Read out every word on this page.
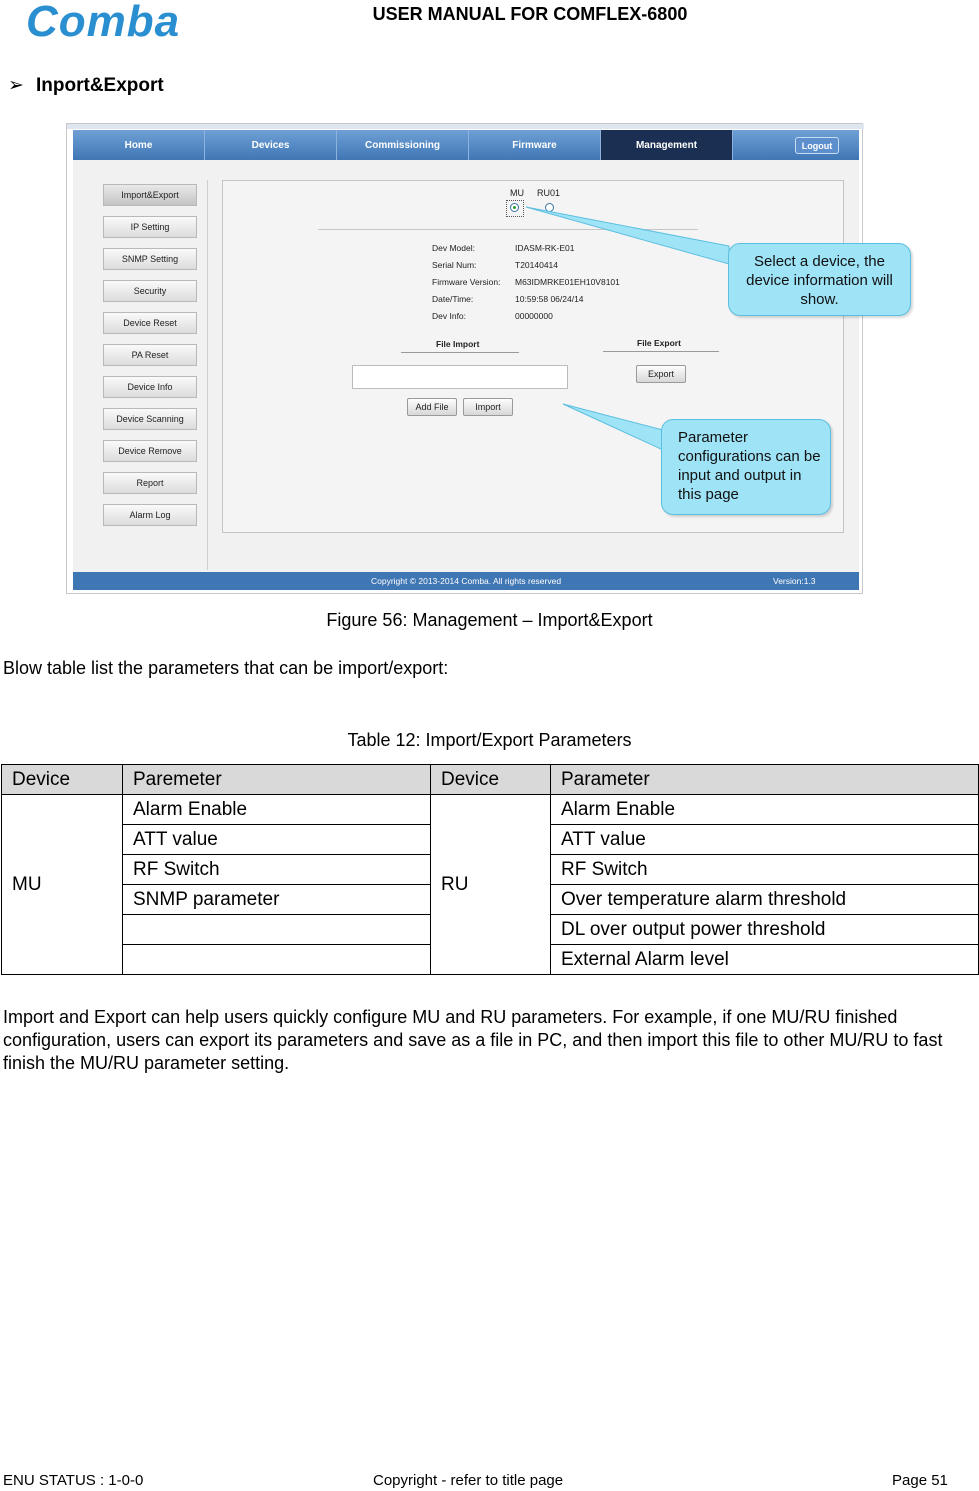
Comba	USER MANUAL FOR COMFLEX-6800
➢ Inport&Export
Home	Devices	Commissioning	Firmware	Management	Logout
Import&Export
IP Setting
SNMP Setting
Security
Device Reset
PA Reset
Device Info
Device Scanning
Device Remove
Report
Alarm Log
MU RU01
Dev Model:	IDASM-RK-E01
Serial Num:	T20140414
Firmware Version: M63IDMRKE01EH10V8101
Date/Time:	10:59:58 06/24/14
Dev Info:	00000000
File Import	File Export
Export
Add File	Import
Copyright © 2013-2014 Comba. All rights reserved	Version:1.3
Select a device, the device information will show.
Parameter configurations can be input and output in this page
Figure 56: Management – Import&Export
Blow table list the parameters that can be import/export:
Table 12: Import/Export Parameters
Device	Paremeter	Device	Parameter
MU	Alarm Enable	RU	Alarm Enable
	ATT value		ATT value
	RF Switch		RF Switch
	SNMP parameter		Over temperature alarm threshold
			DL over output power threshold
			External Alarm level
Import and Export can help users quickly configure MU and RU parameters. For example, if one MU/RU finished configuration, users can export its parameters and save as a file in PC, and then import this file to other MU/RU to fast finish the MU/RU parameter setting.
ENU STATUS : 1-0-0	Copyright - refer to title page	Page 51
